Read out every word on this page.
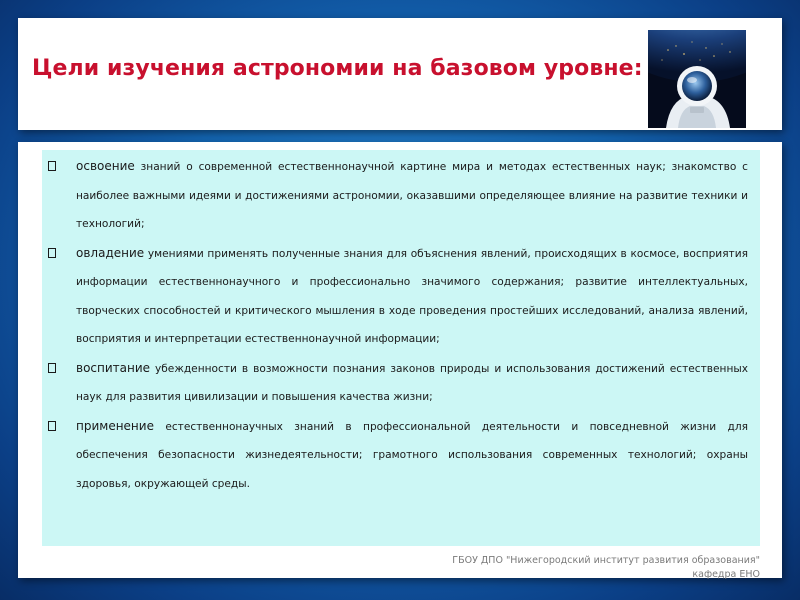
Цели изучения астрономии на базовом уровне:
освоение знаний о современной естественнонаучной картине мира и методах естественных наук; знакомство с наиболее важными идеями и достижениями астрономии, оказавшими определяющее влияние на развитие техники и технологий;
овладение умениями применять полученные знания для объяснения явлений, происходящих в космосе, восприятия информации естественнонаучного и профессионально значимого содержания; развитие интеллектуальных, творческих способностей и критического мышления в ходе проведения простейших исследований, анализа явлений, восприятия и интерпретации естественнонаучной информации;
воспитание убежденности в возможности познания законов природы и использования достижений естественных наук для развития цивилизации и повышения качества жизни;
применение естественнонаучных знаний в профессиональной деятельности и повседневной жизни для обеспечения безопасности жизнедеятельности; грамотного использования современных технологий; охраны здоровья, окружающей среды.
ГБОУ ДПО "Нижегородский институт развития образования"
кафедра ЕНО
